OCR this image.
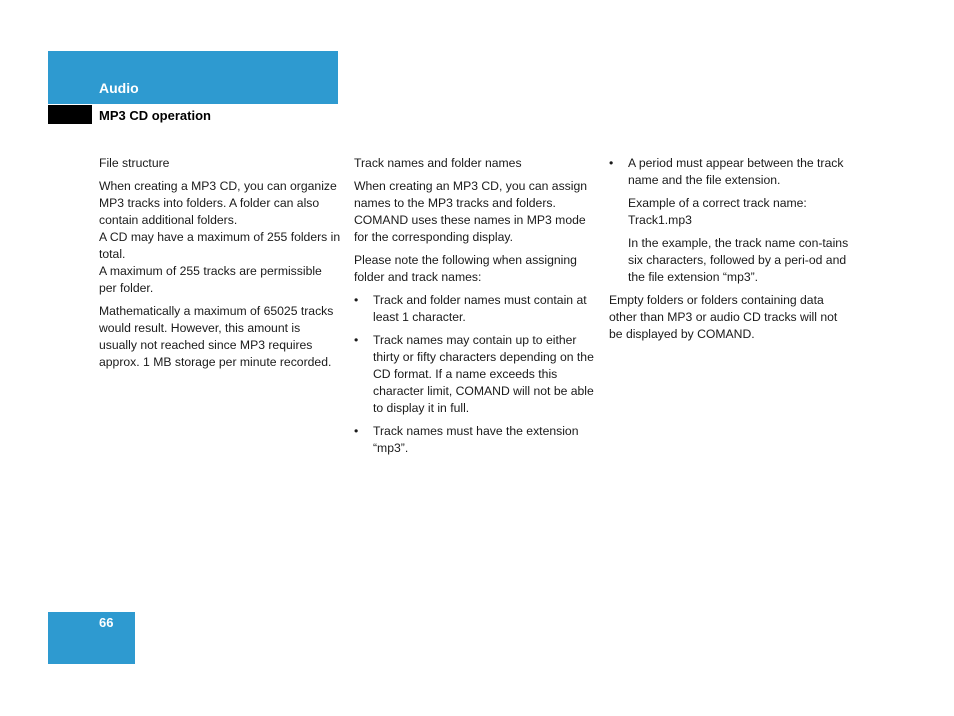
Audio
MP3 CD operation

File structure

When creating a MP3 CD, you can organize MP3 tracks into folders. A folder can also contain additional folders.
A CD may have a maximum of 255 folders in total.
A maximum of 255 tracks are permissible per folder.

Mathematically a maximum of 65025 tracks would result. However, this amount is usually not reached since MP3 requires approx. 1 MB storage per minute recorded.

Track names and folder names

When creating an MP3 CD, you can assign names to the MP3 tracks and folders. COMAND uses these names in MP3 mode for the corresponding display.

Please note the following when assigning folder and track names:

• Track and folder names must contain at least 1 character.
• Track names may contain up to either thirty or fifty characters depending on the CD format. If a name exceeds this character limit, COMAND will not be able to display it in full.
• Track names must have the extension “mp3”.
• A period must appear between the track name and the file extension.

Example of a correct track name:
Track1.mp3

In the example, the track name con-tains six characters, followed by a peri-od and the file extension “mp3”.

Empty folders or folders containing data other than MP3 or audio CD tracks will not be displayed by COMAND.

66
